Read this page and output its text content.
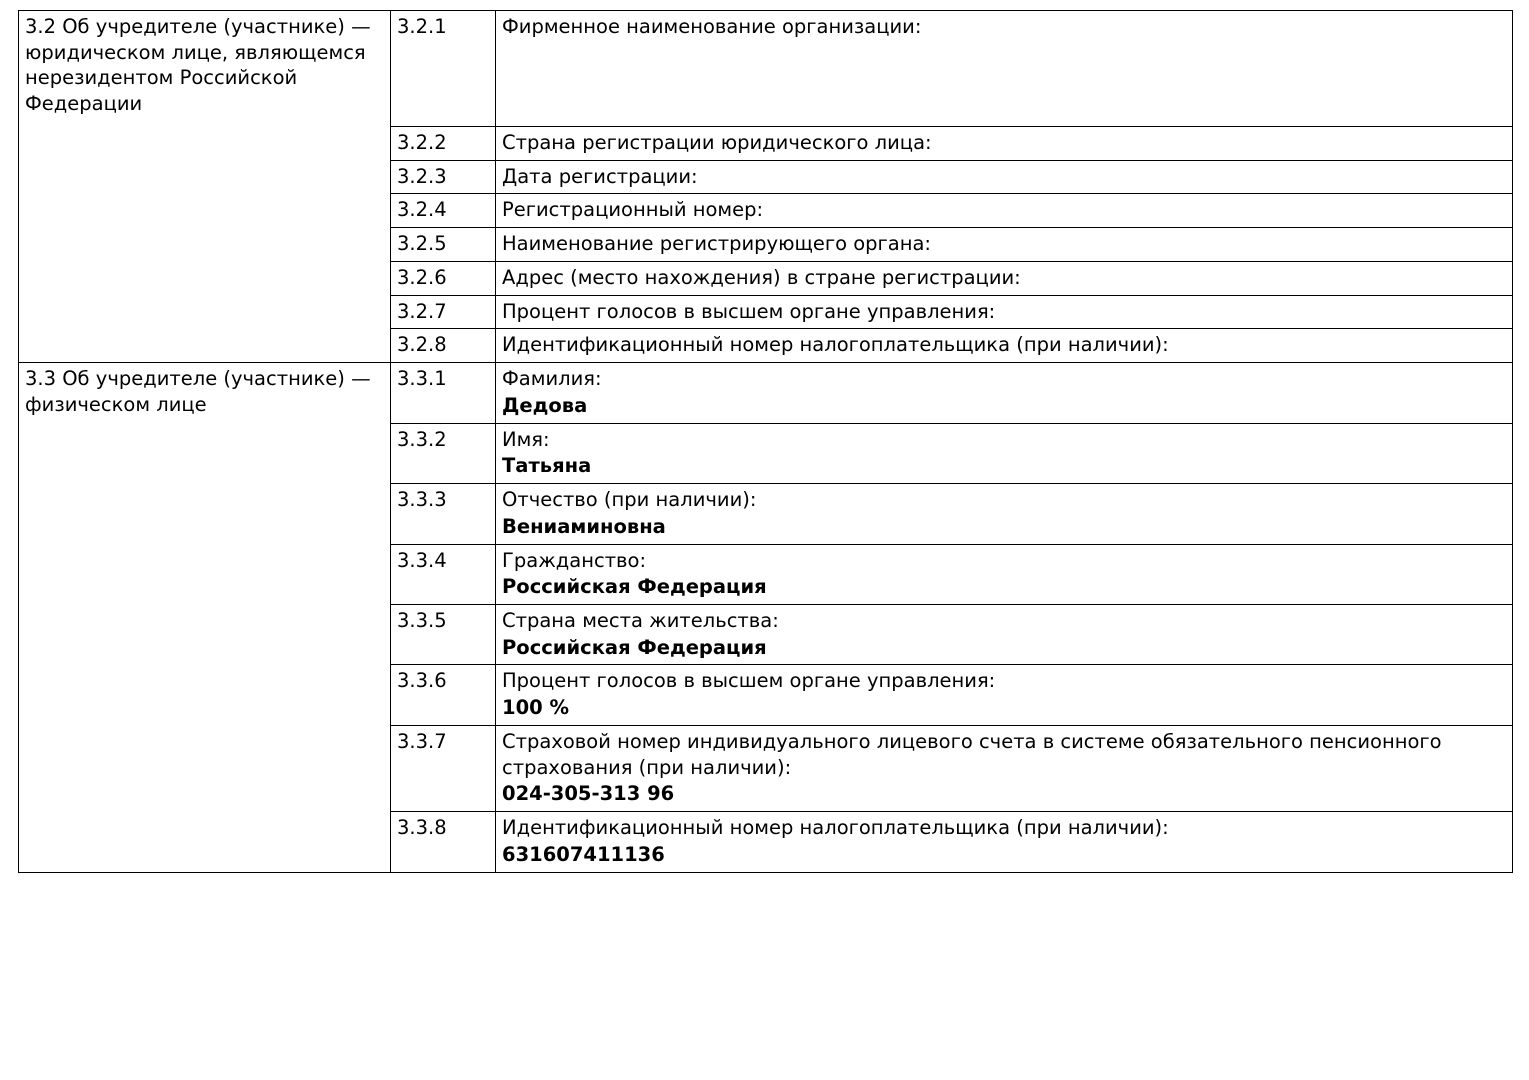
3.2 Об учредителе (участнике) — юридическом лице, являющемся нерезидентом Российской Федерации	3.2.1	Фирменное наименование организации:

	3.2.2	Страна регистрации юридического лица:

	3.2.3	Дата регистрации:

	3.2.4	Регистрационный номер:

	3.2.5	Наименование регистрирующего органа:

	3.2.6	Адрес (место нахождения) в стране регистрации:

	3.2.7	Процент голосов в высшем органе управления:

	3.2.8	Идентификационный номер налогоплательщика (при наличии):

3.3 Об учредителе (участнике) — физическом лице	3.3.1	Фамилия:
Дедова

	3.3.2	Имя:
Татьяна

	3.3.3	Отчество (при наличии):
Вениаминовна

	3.3.4	Гражданство:
Российская Федерация

	3.3.5	Страна места жительства:
Российская Федерация

	3.3.6	Процент голосов в высшем органе управления:
100 %

	3.3.7	Страховой номер индивидуального лицевого счета в системе обязательного пенсионного страхования (при наличии):
024-305-313 96

	3.3.8	Идентификационный номер налогоплательщика (при наличии):
631607411136
